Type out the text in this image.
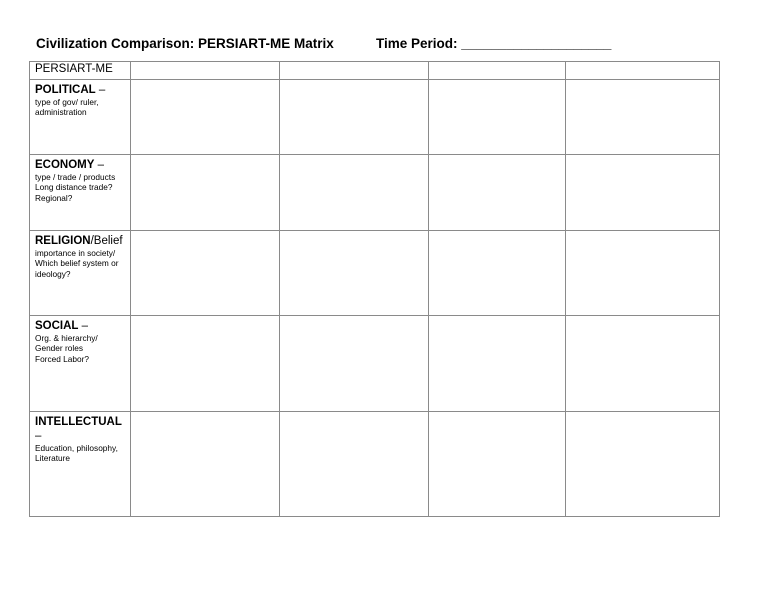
Civilization Comparison: PERSIART-ME Matrix	Time Period: ____________________
PERSIART-ME				

POLITICAL –
type of gov/ ruler,
administration				

ECONOMY –
type / trade / products
Long distance trade?
Regional?				

RELIGION/Belief
importance in society/
Which belief system or
ideology?				

SOCIAL –
Org. & hierarchy/
Gender roles
Forced Labor?				

INTELLECTUAL –
Education, philosophy,
Literature				
